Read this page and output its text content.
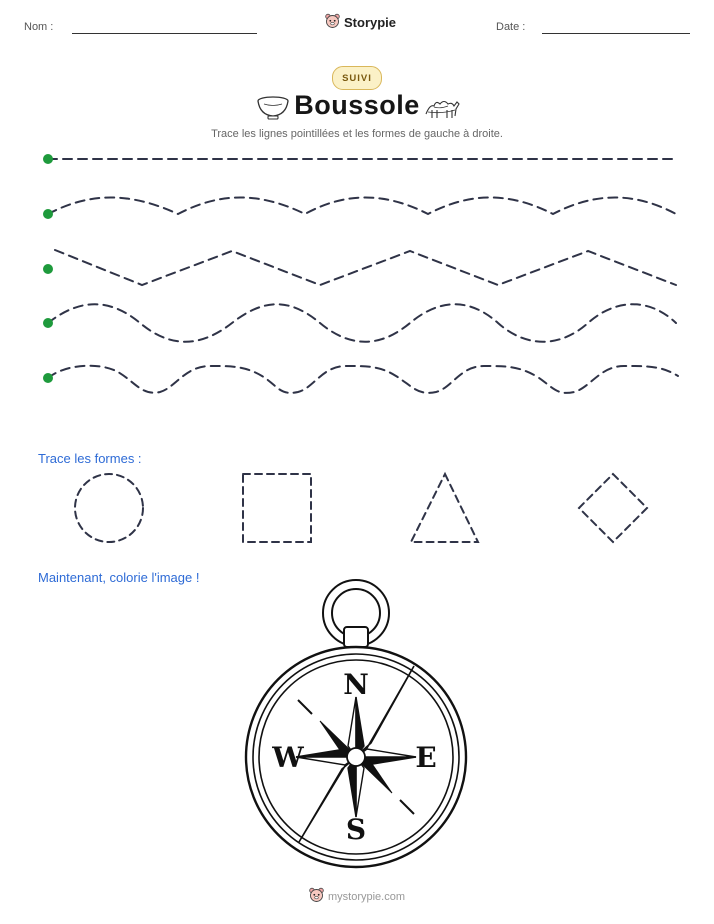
Nom :	Storypie	Date :
SUIVI
Boussole
Trace les lignes pointillées et les formes de gauche à droite.
Trace les formes :
Maintenant, colorie l'image !
N
S
E
W
mystorypie.com
